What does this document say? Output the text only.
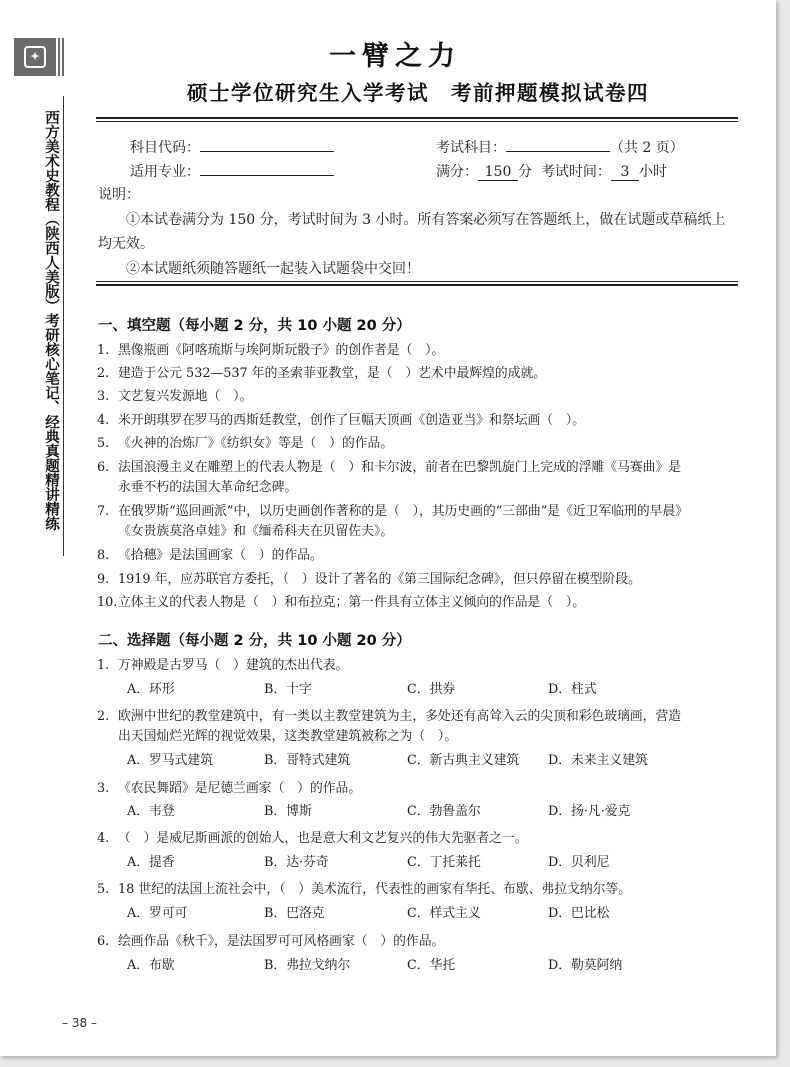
✦
西方美术史教程（陕西人美版）考研核心笔记、经典真题精讲精练
一臂之力
硕士学位研究生入学考试　考前押题模拟试卷四
科目代码：	考试科目：	（共 2 页）
适用专业：	满分： 150 分 考试时间： 3 小时

说明：

①本试卷满分为 150 分，考试时间为 3 小时。所有答案必须写在答题纸上，做在试题或草稿纸上均无效。

②本试题纸须随答题纸一起装入试题袋中交回！

一、填空题（每小题 2 分，共 10 小题 20 分）
1. 黑像瓶画《阿喀琉斯与埃阿斯玩骰子》的创作者是（　）。
2. 建造于公元 532—537 年的圣索菲亚教堂，是（　）艺术中最辉煌的成就。
3. 文艺复兴发源地（　）。
4. 米开朗琪罗在罗马的西斯廷教堂，创作了巨幅天顶画《创造亚当》和祭坛画（　）。
5. 《火神的冶炼厂》《纺织女》等是（　）的作品。
6. 法国浪漫主义在雕塑上的代表人物是（　）和卡尔波，前者在巴黎凯旋门上完成的浮雕《马赛曲》是
永垂不朽的法国大革命纪念碑。
7. 在俄罗斯“巡回画派”中，以历史画创作著称的是（　），其历史画的“三部曲”是《近卫军临刑的早晨》
《女贵族莫洛卓娃》和《缅希科夫在贝留佐夫》。
8. 《拾穗》是法国画家（　）的作品。
9. 1919 年，应苏联官方委托，（　）设计了著名的《第三国际纪念碑》，但只停留在模型阶段。
10.立体主义的代表人物是（　）和布拉克；第一件具有立体主义倾向的作品是（　）。
二、选择题（每小题 2 分，共 10 小题 20 分）
1. 万神殿是古罗马（　）建筑的杰出代表。
A．环形	B．十字	C．拱券	D．柱式
2. 欧洲中世纪的教堂建筑中，有一类以主教堂建筑为主，多处还有高耸入云的尖顶和彩色玻璃画，营造
出天国灿烂光辉的视觉效果，这类教堂建筑被称之为（　）。
A．罗马式建筑	B．哥特式建筑	C．新古典主义建筑 D．未来主义建筑
3. 《农民舞蹈》是尼德兰画家（　）的作品。
A．韦登	B．博斯	C．勃鲁盖尔	D．扬·凡·爱克
4. （　）是威尼斯画派的创始人，也是意大利文艺复兴的伟大先驱者之一。
A．提香	B．达·芬奇	C．丁托莱托	D．贝利尼
5. 18 世纪的法国上流社会中，（　）美术流行，代表性的画家有华托、布歇、弗拉戈纳尔等。
A．罗可可	B．巴洛克	C．样式主义	D．巴比松
6. 绘画作品《秋千》，是法国罗可可风格画家（　）的作品。
A．布歇	B．弗拉戈纳尔	C．华托	D．勒莫阿纳
– 38 –
